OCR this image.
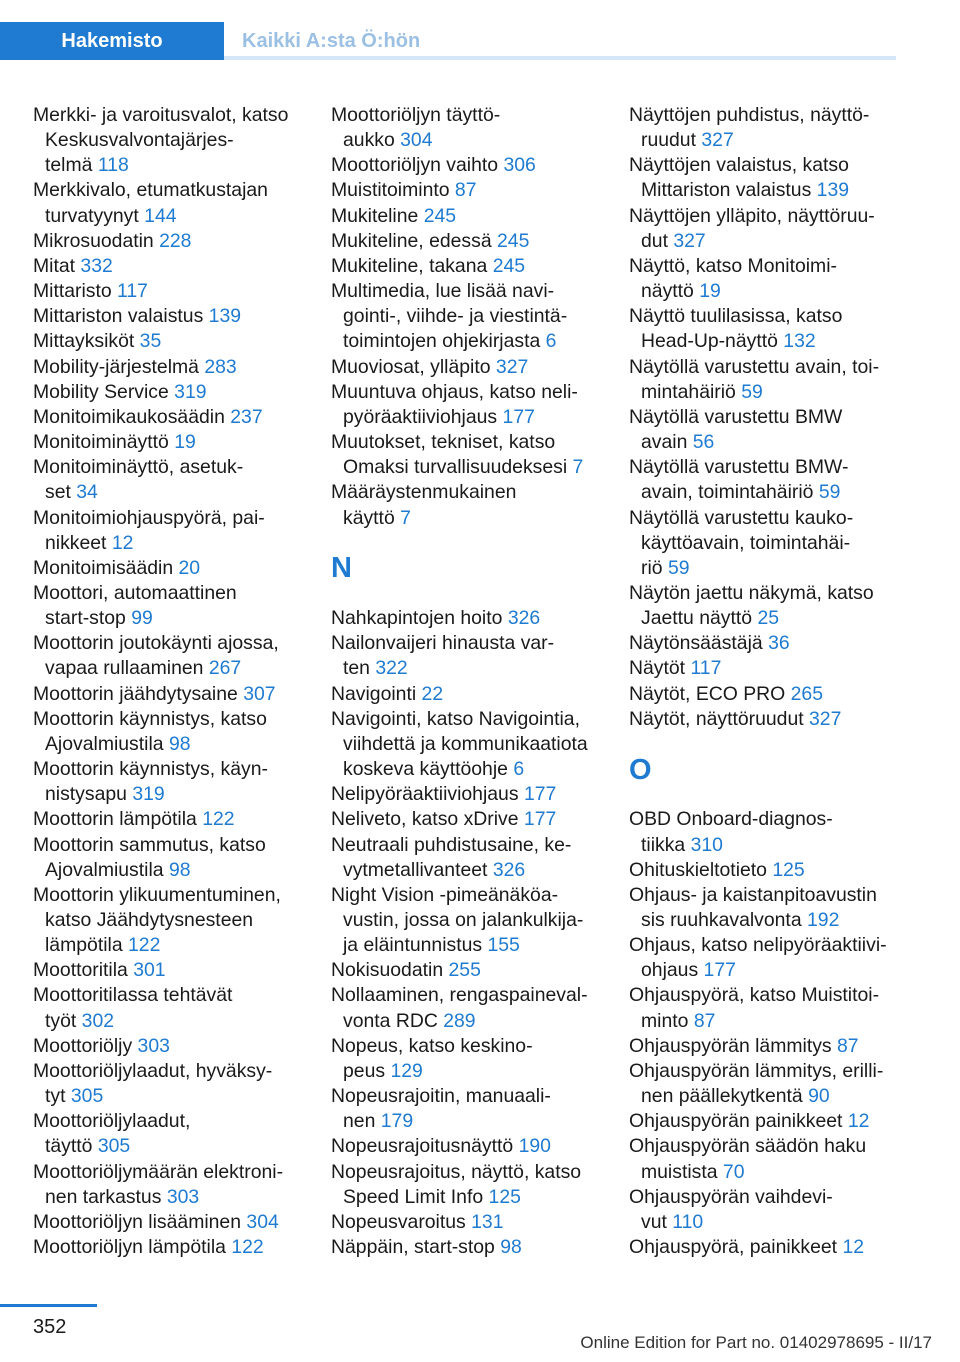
Hakemisto	Kaikki A:sta Ö:hön
Merkki- ja varoitusvalot, katso
Keskusvalvontajärjes-
telmä 118
Merkkivalo, etumatkustajan
turvatyynyt 144
Mikrosuodatin 228
Mitat 332
Mittaristo 117
Mittariston valaistus 139
Mittayksiköt 35
Mobility-järjestelmä 283
Mobility Service 319
Monitoimikaukosäädin 237
Monitoiminäyttö 19
Monitoiminäyttö, asetuk-
set 34
Monitoimiohjauspyörä, pai-
nikkeet 12
Monitoimisäädin 20
Moottori, automaattinen
start-stop 99
Moottorin joutokäynti ajossa,
vapaa rullaaminen 267
Moottorin jäähdytysaine 307
Moottorin käynnistys, katso
Ajovalmiustila 98
Moottorin käynnistys, käyn-
nistysapu 319
Moottorin lämpötila 122
Moottorin sammutus, katso
Ajovalmiustila 98
Moottorin ylikuumentuminen,
katso Jäähdytysnesteen
lämpötila 122
Moottoritila 301
Moottoritilassa tehtävät
työt 302
Moottoriöljy 303
Moottoriöljylaadut, hyväksy-
tyt 305
Moottoriöljylaadut,
täyttö 305
Moottoriöljymäärän elektroni-
nen tarkastus 303
Moottoriöljyn lisääminen 304
Moottoriöljyn lämpötila 122
Moottoriöljyn täyttö-
aukko 304
Moottoriöljyn vaihto 306
Muistitoiminto 87
Mukiteline 245
Mukiteline, edessä 245
Mukiteline, takana 245
Multimedia, lue lisää navi-
gointi-, viihde- ja viestintä-
toimintojen ohjekirjasta 6
Muoviosat, ylläpito 327
Muuntuva ohjaus, katso neli-
pyöräaktiiviohjaus 177
Muutokset, tekniset, katso
Omaksi turvallisuudeksesi 7
Määräystenmukainen
käyttö 7
N
Nahkapintojen hoito 326
Nailonvaijeri hinausta var-
ten 322
Navigointi 22
Navigointi, katso Navigointia,
viihdettä ja kommunikaatiota
koskeva käyttöohje 6
Nelipyöräaktiiviohjaus 177
Neliveto, katso xDrive 177
Neutraali puhdistusaine, ke-
vytmetallivanteet 326
Night Vision -pimeänäköa-
vustin, jossa on jalankulkija-
ja eläintunnistus 155
Nokisuodatin 255
Nollaaminen, rengaspaineval-
vonta RDC 289
Nopeus, katso keskino-
peus 129
Nopeusrajoitin, manuaali-
nen 179
Nopeusrajoitusnäyttö 190
Nopeusrajoitus, näyttö, katso
Speed Limit Info 125
Nopeusvaroitus 131
Näppäin, start-stop 98
Näyttöjen puhdistus, näyttö-
ruudut 327
Näyttöjen valaistus, katso
Mittariston valaistus 139
Näyttöjen ylläpito, näyttöruu-
dut 327
Näyttö, katso Monitoimi-
näyttö 19
Näyttö tuulilasissa, katso
Head-Up-näyttö 132
Näytöllä varustettu avain, toi-
mintahäiriö 59
Näytöllä varustettu BMW
avain 56
Näytöllä varustettu BMW-
avain, toimintahäiriö 59
Näytöllä varustettu kauko-
käyttöavain, toimintahäi-
riö 59
Näytön jaettu näkymä, katso
Jaettu näyttö 25
Näytönsäästäjä 36
Näytöt 117
Näytöt, ECO PRO 265
Näytöt, näyttöruudut 327
O
OBD Onboard-diagnos-
tiikka 310
Ohituskieltotieto 125
Ohjaus- ja kaistanpitoavustin
sis ruuhkavalvonta 192
Ohjaus, katso nelipyöräaktiivi-
ohjaus 177
Ohjauspyörä, katso Muistitoi-
minto 87
Ohjauspyörän lämmitys 87
Ohjauspyörän lämmitys, erilli-
nen päällekytkentä 90
Ohjauspyörän painikkeet 12
Ohjauspyörän säädön haku
muistista 70
Ohjauspyörän vaihdevi-
vut 110
Ohjauspyörä, painikkeet 12
352
Online Edition for Part no. 01402978695 - II/17
